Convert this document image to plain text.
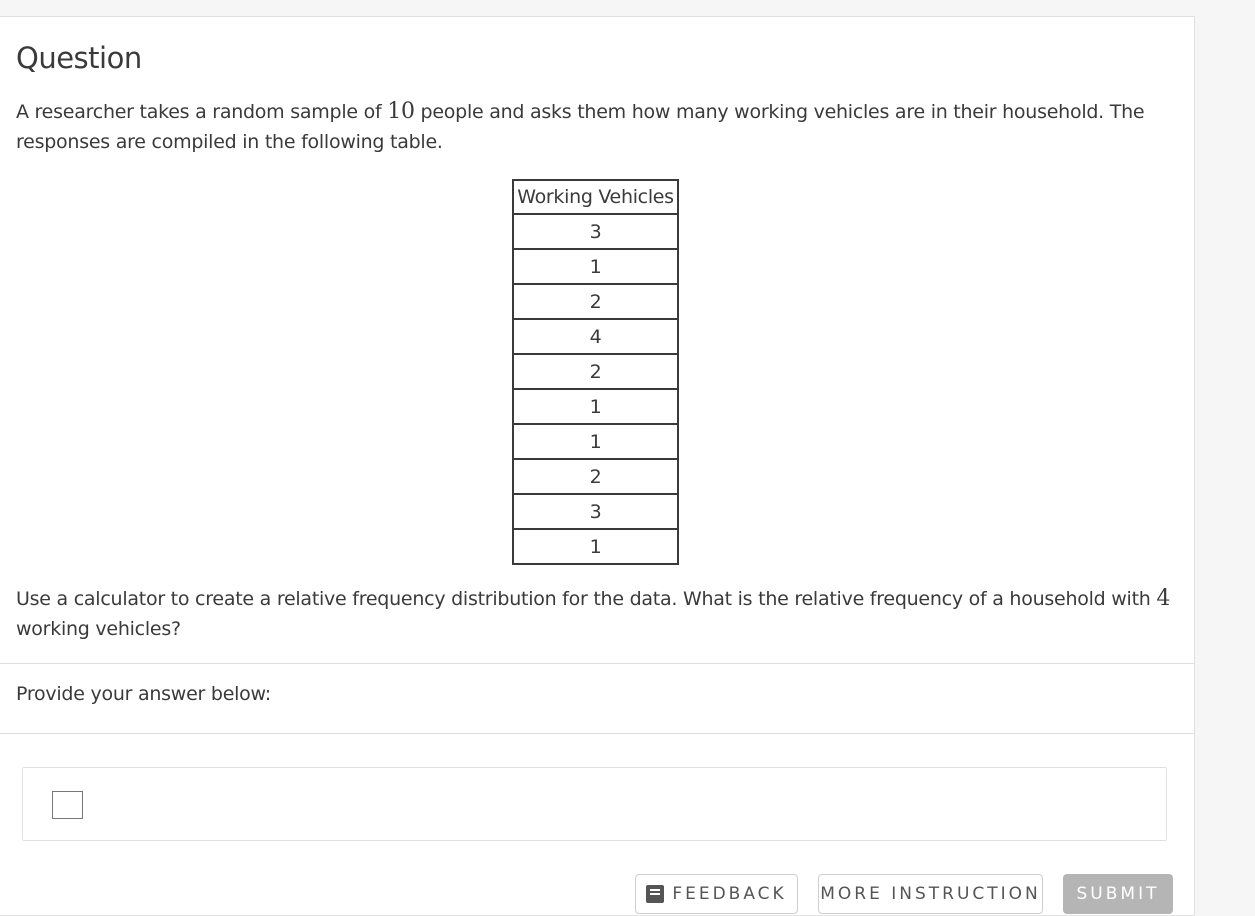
Question
A researcher takes a random sample of 10 people and asks them how many working vehicles are in their household. The responses are compiled in the following table.
Working Vehicles
3
1
2
4
2
1
1
2
3
1
Use a calculator to create a relative frequency distribution for the data. What is the relative frequency of a household with 4 working vehicles?
Provide your answer below:
FEEDBACK MORE INSTRUCTION SUBMIT
